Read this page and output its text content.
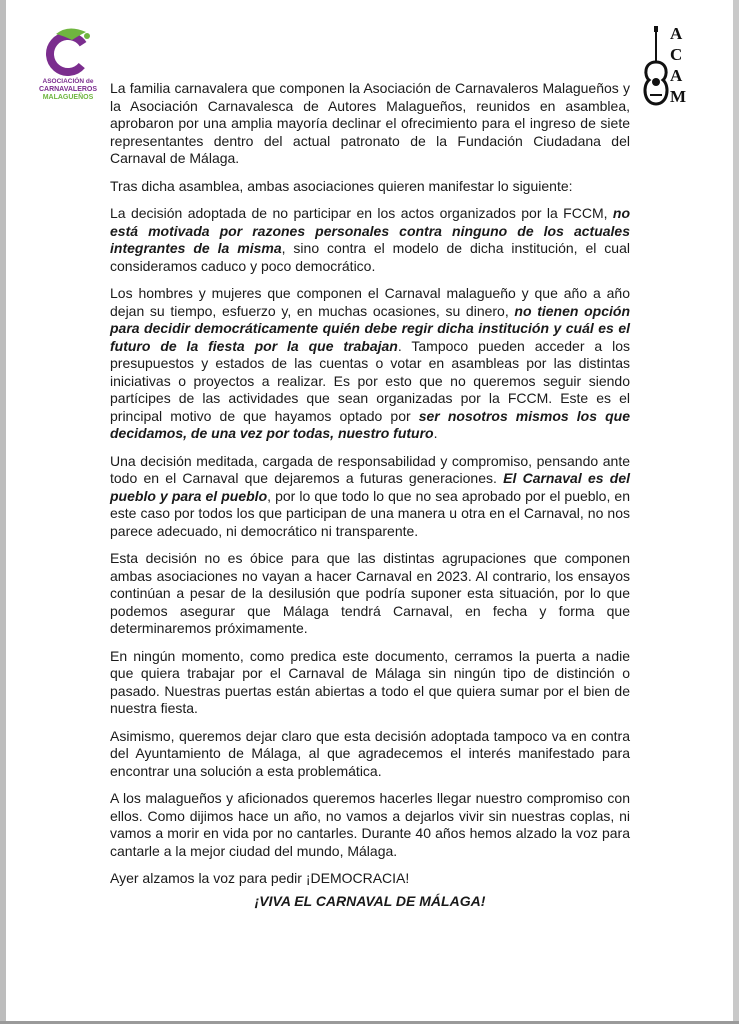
ASOCIACIÓN de
CARNAVALEROS
MALAGUEÑOS
A
C
A
M

La familia carnavalera que componen la Asociación de Carnavaleros Malagueños y la Asociación Carnavalesca de Autores Malagueños, reunidos en asamblea, aprobaron por una amplia mayoría declinar el ofrecimiento para el ingreso de siete representantes dentro del actual patronato de la Fundación Ciudadana del Carnaval de Málaga.

Tras dicha asamblea, ambas asociaciones quieren manifestar lo siguiente:

La decisión adoptada de no participar en los actos organizados por la FCCM, no está motivada por razones personales contra ninguno de los actuales integrantes de la misma, sino contra el modelo de dicha institución, el cual consideramos caduco y poco democrático.

Los hombres y mujeres que componen el Carnaval malagueño y que año a año dejan su tiempo, esfuerzo y, en muchas ocasiones, su dinero, no tienen opción para decidir democráticamente quién debe regir dicha institución y cuál es el futuro de la fiesta por la que trabajan. Tampoco pueden acceder a los presupuestos y estados de las cuentas o votar en asambleas por las distintas iniciativas o proyectos a realizar. Es por esto que no queremos seguir siendo partícipes de las actividades que sean organizadas por la FCCM. Este es el principal motivo de que hayamos optado por ser nosotros mismos los que decidamos, de una vez por todas, nuestro futuro.

Una decisión meditada, cargada de responsabilidad y compromiso, pensando ante todo en el Carnaval que dejaremos a futuras generaciones. El Carnaval es del pueblo y para el pueblo, por lo que todo lo que no sea aprobado por el pueblo, en este caso por todos los que participan de una manera u otra en el Carnaval, no nos parece adecuado, ni democrático ni transparente.

Esta decisión no es óbice para que las distintas agrupaciones que componen ambas asociaciones no vayan a hacer Carnaval en 2023. Al contrario, los ensayos continúan a pesar de la desilusión que podría suponer esta situación, por lo que podemos asegurar que Málaga tendrá Carnaval, en fecha y forma que determinaremos próximamente.

En ningún momento, como predica este documento, cerramos la puerta a nadie que quiera trabajar por el Carnaval de Málaga sin ningún tipo de distinción o pasado. Nuestras puertas están abiertas a todo el que quiera sumar por el bien de nuestra fiesta.

Asimismo, queremos dejar claro que esta decisión adoptada tampoco va en contra del Ayuntamiento de Málaga, al que agradecemos el interés manifestado para encontrar una solución a esta problemática.

A los malagueños y aficionados queremos hacerles llegar nuestro compromiso con ellos. Como dijimos hace un año, no vamos a dejarlos vivir sin nuestras coplas, ni vamos a morir en vida por no cantarles. Durante 40 años hemos alzado la voz para cantarle a la mejor ciudad del mundo, Málaga.

Ayer alzamos la voz para pedir ¡DEMOCRACIA!

¡VIVA EL CARNAVAL DE MÁLAGA!
